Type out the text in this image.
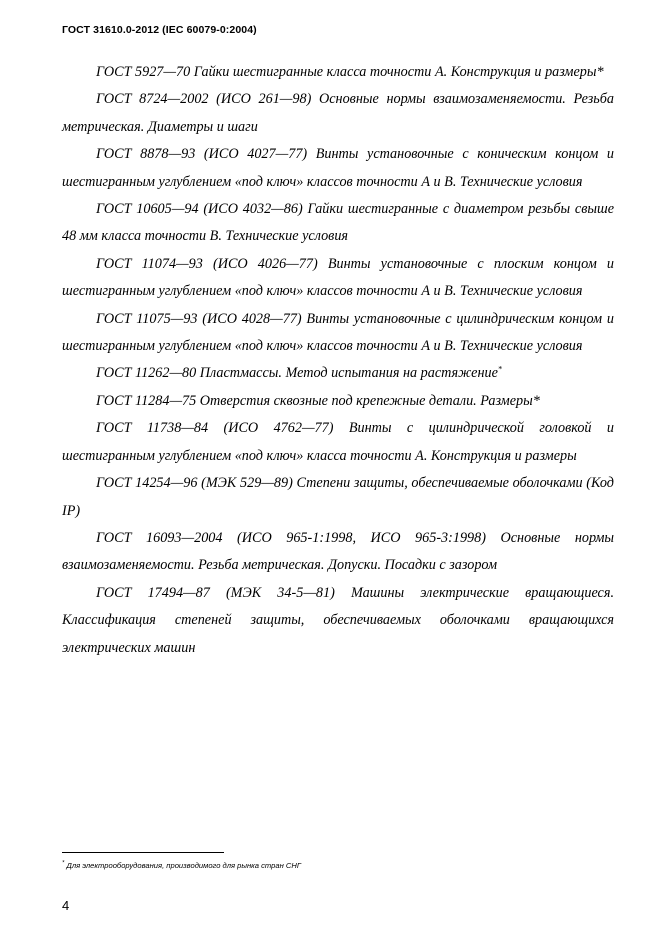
ГОСТ 31610.0-2012 (IEC 60079-0:2004)

ГОСТ 5927—70 Гайки шестигранные класса точности А. Конструкция и размеры*

ГОСТ 8724—2002 (ИСО 261—98) Основные нормы взаимозаменяемости. Резьба метрическая. Диаметры и шаги

ГОСТ 8878—93 (ИСО 4027—77) Винты установочные с коническим концом и шестигранным углублением «под ключ» классов точности А и В. Технические условия

ГОСТ 10605—94 (ИСО 4032—86) Гайки шестигранные с диаметром резьбы свыше 48 мм класса точности В. Технические условия

ГОСТ 11074—93 (ИСО 4026—77) Винты установочные с плоским концом и шестигранным углублением «под ключ» классов точности А и В. Технические условия

ГОСТ 11075—93 (ИСО 4028—77) Винты установочные с цилиндрическим концом и шестигранным углублением «под ключ» классов точности А и В. Технические условия

ГОСТ 11262—80 Пластмассы. Метод испытания на растяжение*

ГОСТ 11284—75 Отверстия сквозные под крепежные детали. Размеры*

ГОСТ 11738—84 (ИСО 4762—77) Винты с цилиндрической головкой и шестигранным углублением «под ключ» класса точности А. Конструкция и размеры

ГОСТ 14254—96 (МЭК 529—89) Степени защиты, обеспечиваемые оболочками (Код IP)

ГОСТ 16093—2004 (ИСО 965-1:1998, ИСО 965-3:1998) Основные нормы взаимозаменяемости. Резьба метрическая. Допуски. Посадки с зазором

ГОСТ 17494—87 (МЭК 34-5—81) Машины электрические вращающиеся. Классификация степеней защиты, обеспечиваемых оболочками вращающихся электрических машин

* Для электрооборудования, производимого для рынка стран СНГ
4
